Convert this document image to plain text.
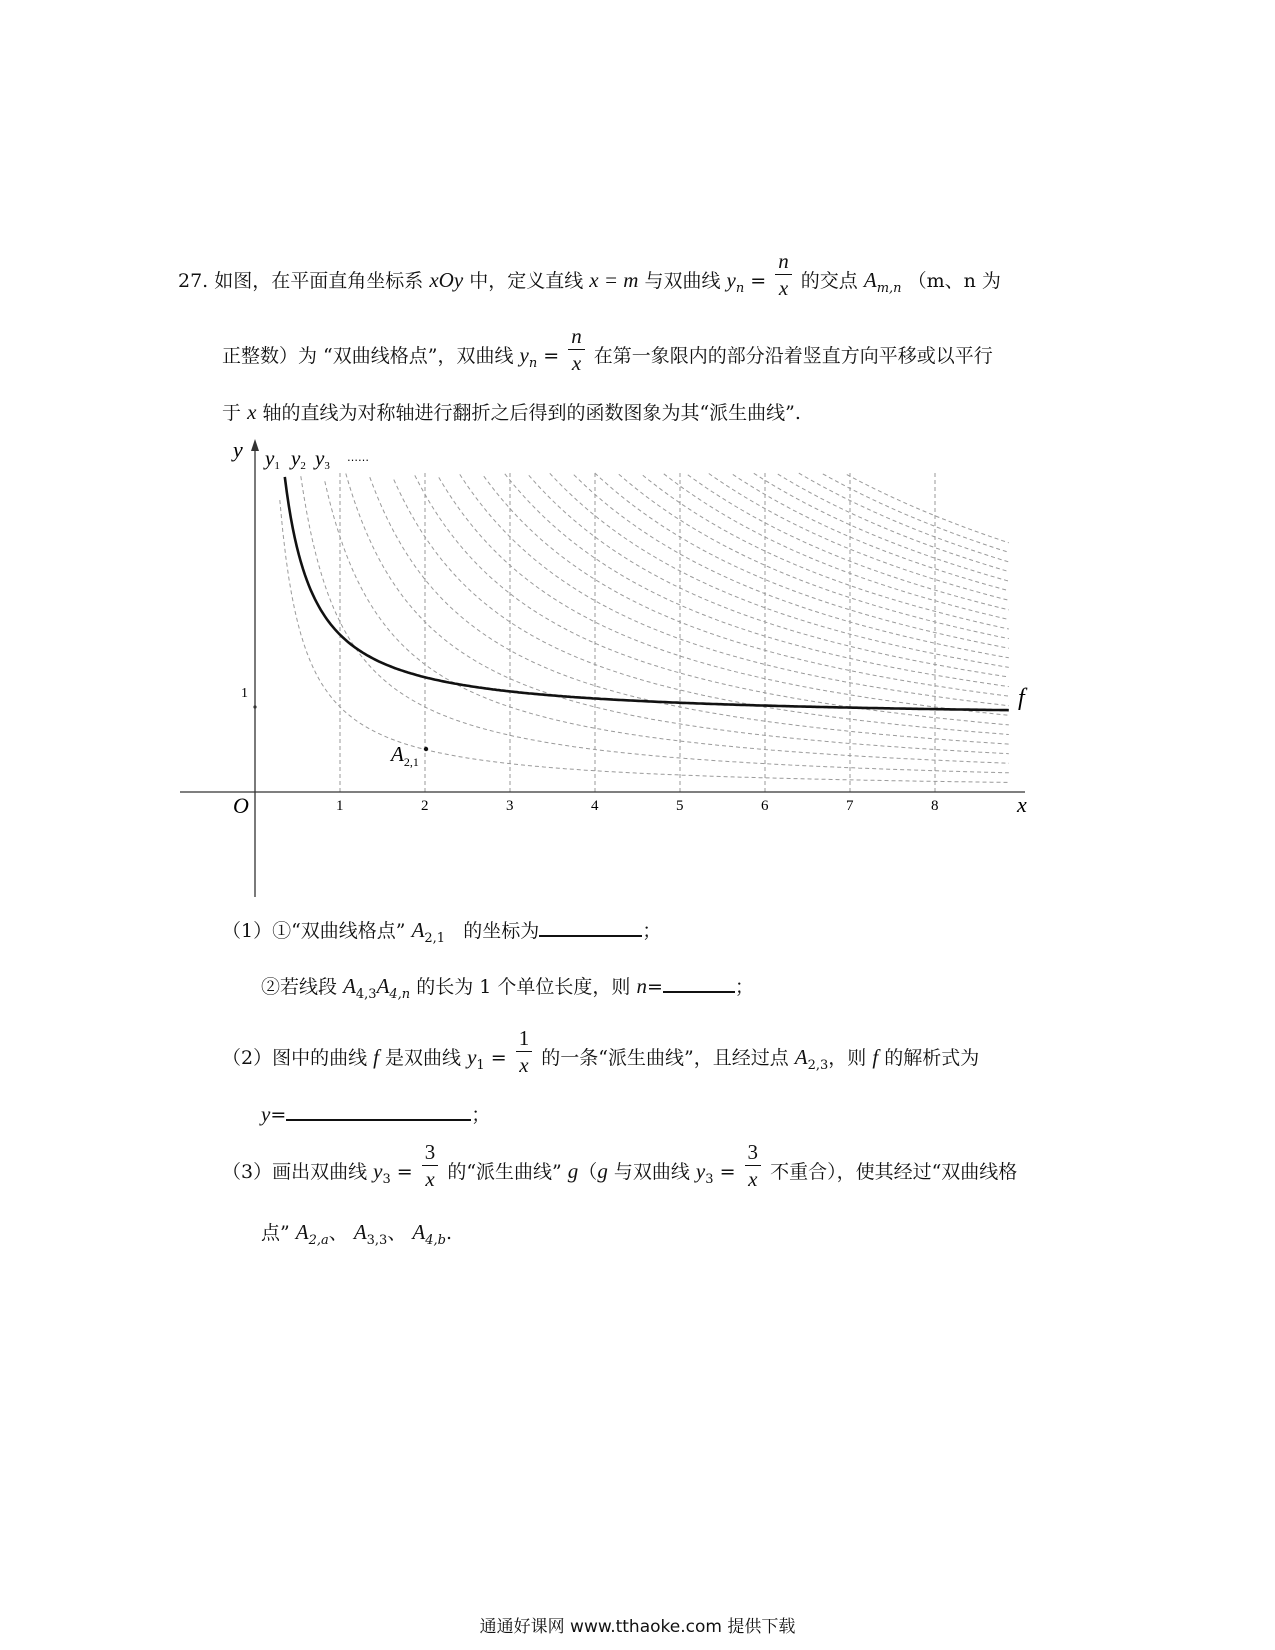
27. 如图，在平面直角坐标系 xOy 中，定义直线 x = m 与双曲线 $y_n = \frac{n}{x}$ 的交点 $A_{m,n}$ （m、n 为
正整数）为 “双曲线格点”，双曲线 $y_n = \frac{n}{x}$ 在第一象限内的部分沿着竖直方向平移或以平行
于 x 轴的直线为对称轴进行翻折之后得到的函数图象为其“派生曲线”.
y
x
O	1	2	3	4	5	6	7	8
1	f
y1 y2 y3
……
$A_{2,1}$
（1）①“双曲线格点” $A_{2,1}$ 的坐标为	；
②若线段 $A_{4,3}A_{4,n}$ 的长为 1 个单位长度，则 n=	；
（2）图中的曲线 f 是双曲线 $y_1 = \frac{1}{x}$ 的一条“派生曲线”，且经过点 $A_{2,3}$，则 f 的解析式为
y=	；
（3）画出双曲线 $y_3 = \frac{3}{x}$ 的“派生曲线” g（g 与双曲线 $y_3 = \frac{3}{x}$ 不重合），使其经过“双曲线格
点” $A_{2,a}$、 $A_{3,3}$、 $A_{4,b}$.
通通好课网 www.tthaoke.com 提供下载
